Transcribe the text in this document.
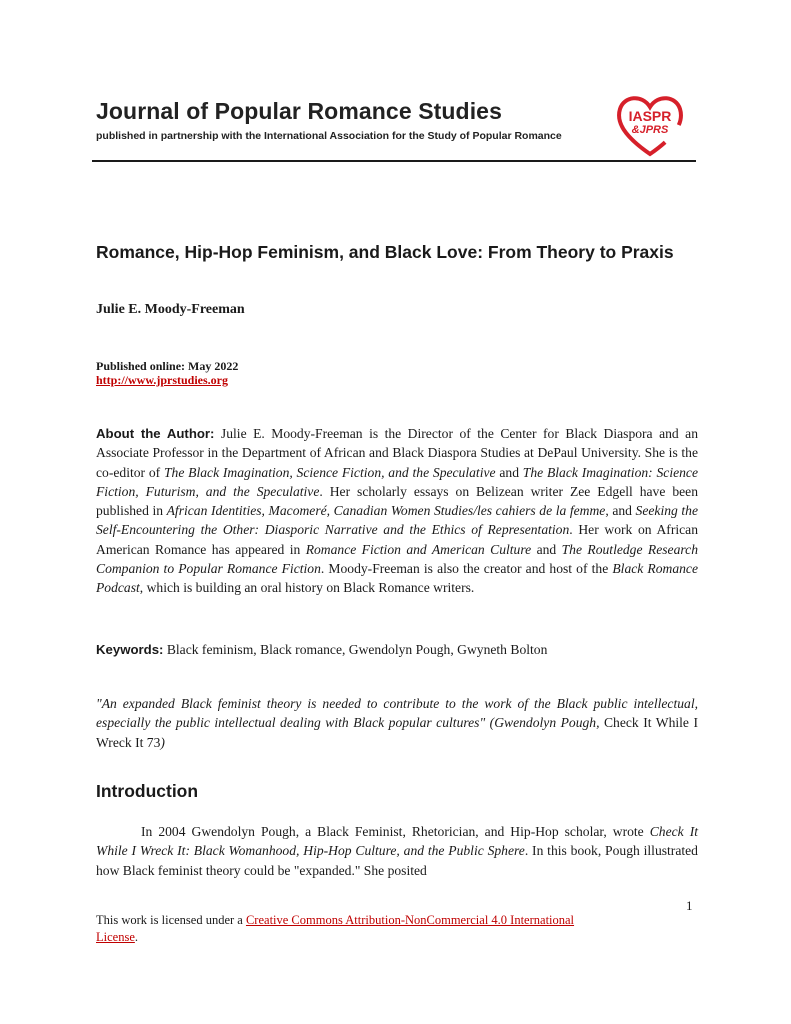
Journal of Popular Romance Studies
published in partnership with the International Association for the Study of Popular Romance
IASPR
&JPRS
Romance, Hip-Hop Feminism, and Black Love: From Theory to Praxis
Julie E. Moody-Freeman
Published online: May 2022
http://www.jprstudies.org
About the Author: Julie E. Moody-Freeman is the Director of the Center for Black Diaspora and an Associate Professor in the Department of African and Black Diaspora Studies at DePaul University. She is the co-editor of The Black Imagination, Science Fiction, and the Speculative and The Black Imagination: Science Fiction, Futurism, and the Speculative. Her scholarly essays on Belizean writer Zee Edgell have been published in African Identities, Macomeré, Canadian Women Studies/les cahiers de la femme, and Seeking the Self-Encountering the Other: Diasporic Narrative and the Ethics of Representation. Her work on African American Romance has appeared in Romance Fiction and American Culture and The Routledge Research Companion to Popular Romance Fiction. Moody-Freeman is also the creator and host of the Black Romance Podcast, which is building an oral history on Black Romance writers.
Keywords: Black feminism, Black romance, Gwendolyn Pough, Gwyneth Bolton
"An expanded Black feminist theory is needed to contribute to the work of the Black public intellectual, especially the public intellectual dealing with Black popular cultures" (Gwendolyn Pough, Check It While I Wreck It 73)
Introduction
In 2004 Gwendolyn Pough, a Black Feminist, Rhetorician, and Hip-Hop scholar, wrote Check It While I Wreck It: Black Womanhood, Hip-Hop Culture, and the Public Sphere. In this book, Pough illustrated how Black feminist theory could be "expanded." She posited
1
This work is licensed under a Creative Commons Attribution-NonCommercial 4.0 International License.
